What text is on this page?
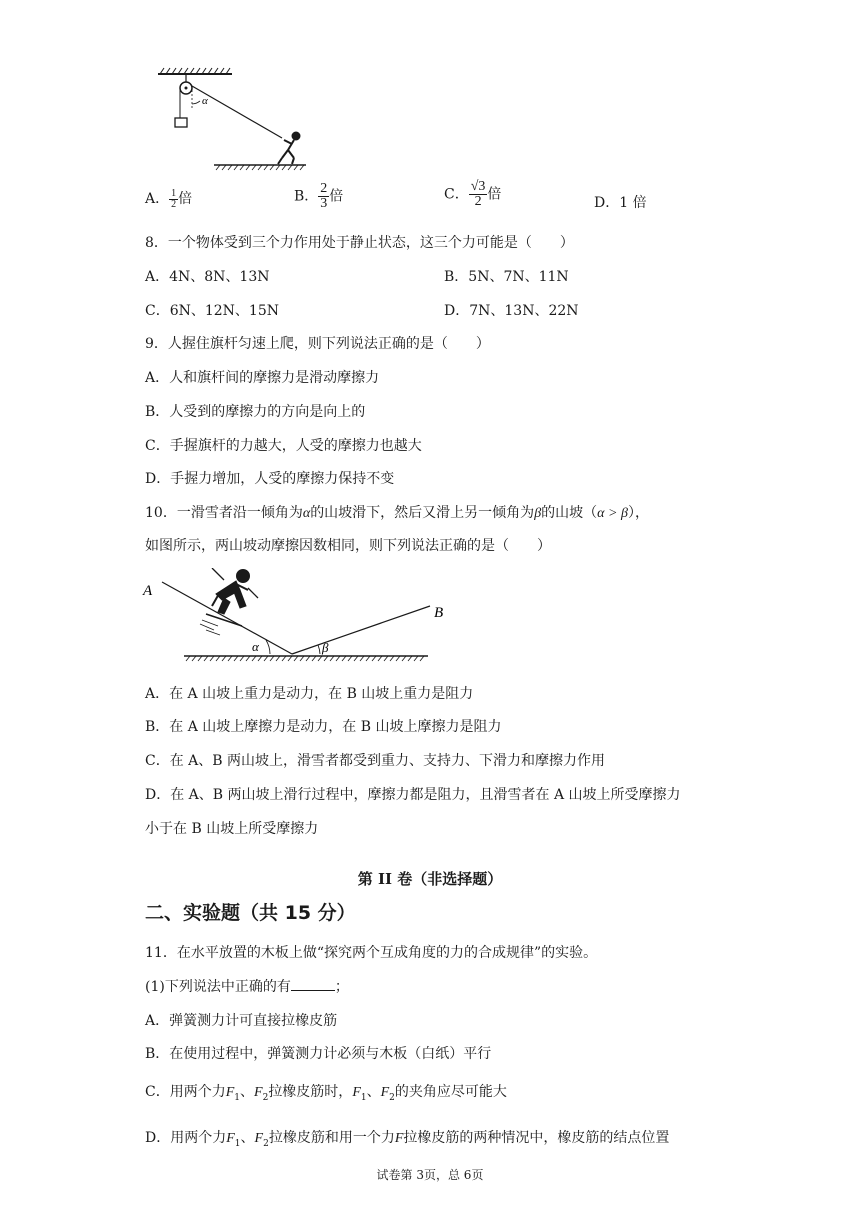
α
A． $\frac{1}{2}$ 倍	B． $\frac{2}{3}$ 倍	C． $\frac{√3}{2}$ 倍
D．1 倍
8．一个物体受到三个力作用处于静止状态，这三个力可能是（　　）
A．4N、8N、13N	B．5N、7N、11N
C．6N、12N、15N	D．7N、13N、22N
9．人握住旗杆匀速上爬，则下列说法正确的是（　　）
A．人和旗杆间的摩擦力是滑动摩擦力
B．人受到的摩擦力的方向是向上的
C．手握旗杆的力越大，人受的摩擦力也越大
D．手握力增加，人受的摩擦力保持不变
10．一滑雪者沿一倾角为α的山坡滑下，然后又滑上另一倾角为β的山坡（α > β），
如图所示，两山坡动摩擦因数相同，则下列说法正确的是（　　）
A
B
α	β
A．在 A 山坡上重力是动力，在 B 山坡上重力是阻力
B．在 A 山坡上摩擦力是动力，在 B 山坡上摩擦力是阻力
C．在 A、B 两山坡上，滑雪者都受到重力、支持力、下滑力和摩擦力作用
D．在 A、B 两山坡上滑行过程中，摩擦力都是阻力，且滑雪者在 A 山坡上所受摩擦力
小于在 B 山坡上所受摩擦力
第 II 卷（非选择题）
二、实验题（共 15 分）
11．在水平放置的木板上做“探究两个互成角度的力的合成规律”的实验。
(1)下列说法中正确的有	；
A．弹簧测力计可直接拉橡皮筋
B．在使用过程中，弹簧测力计必须与木板（白纸）平行
C．用两个力$F_1$、$F_2$拉橡皮筋时，$F_1$、$F_2$的夹角应尽可能大
D．用两个力$F_1$、$F_2$拉橡皮筋和用一个力F拉橡皮筋的两种情况中，橡皮筋的结点位置
试卷第 3页，总 6页
